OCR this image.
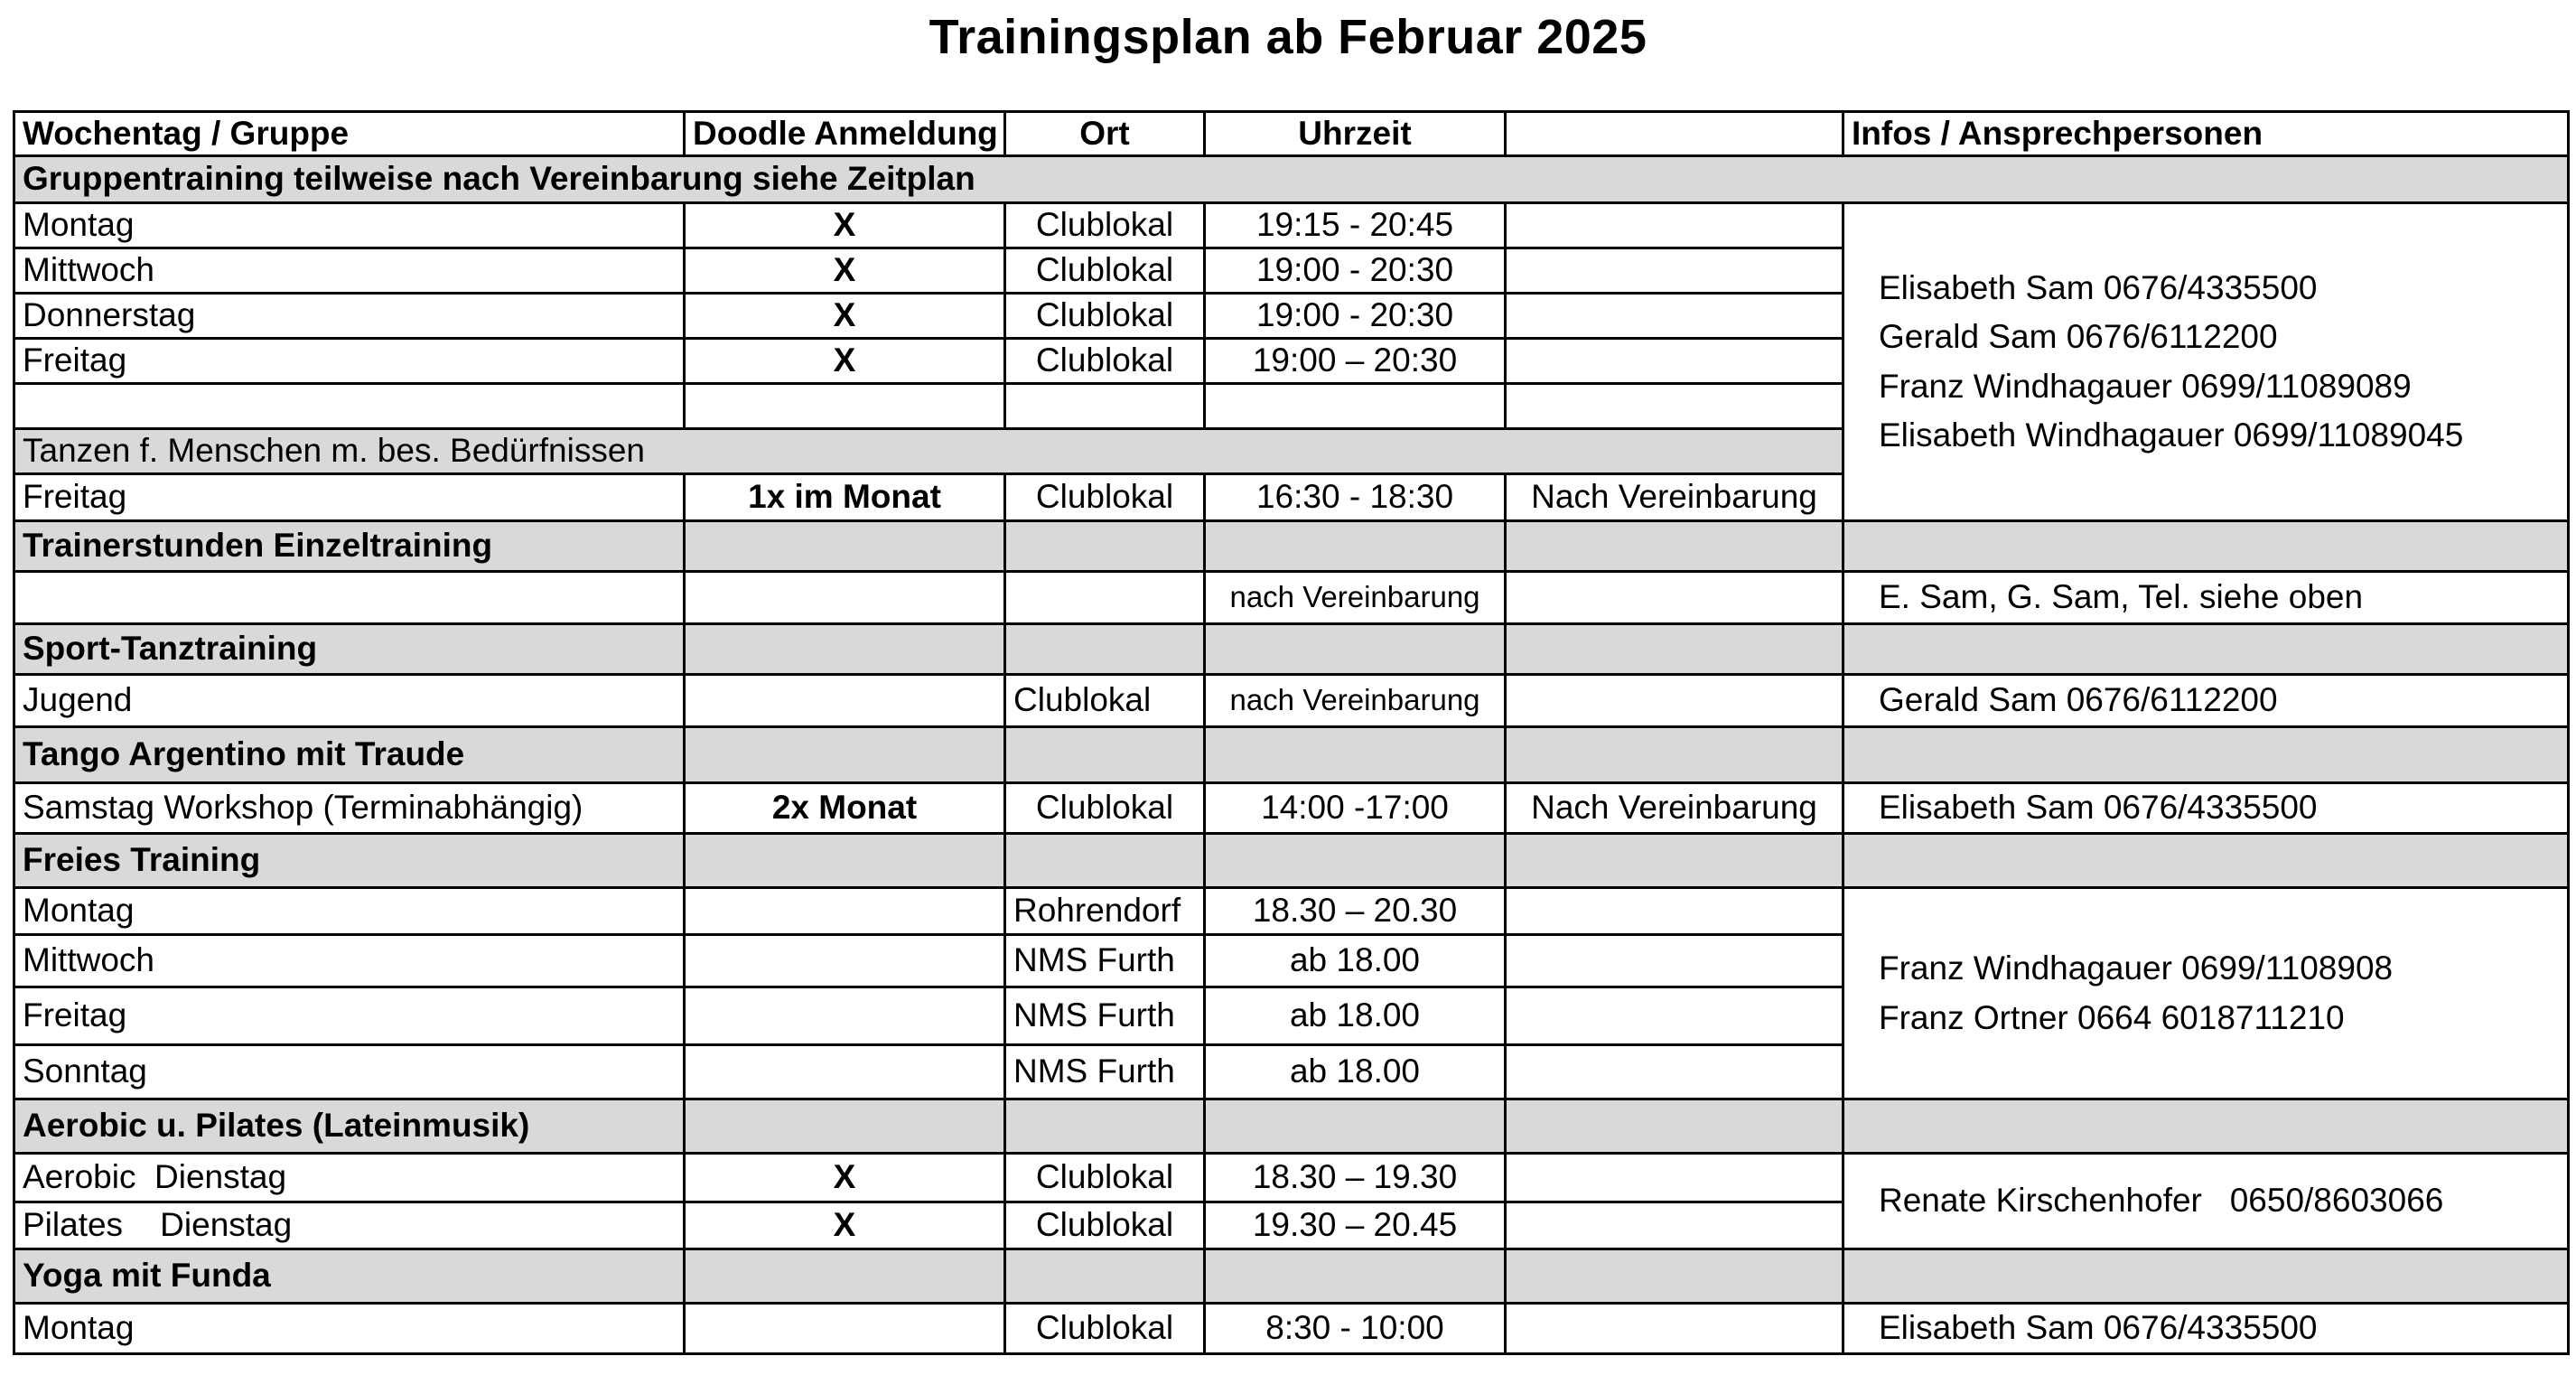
Trainingsplan ab Februar 2025
Wochentag / Gruppe	Doodle Anmeldung	Ort	Uhrzeit		Infos / Ansprechpersonen
Gruppentraining teilweise nach Vereinbarung siehe Zeitplan					
Montag	X	Clublokal	19:15 - 20:45		Elisabeth Sam 0676/4335500
Gerald Sam 0676/6112200
Franz Windhagauer 0699/11089089
Elisabeth Windhagauer 0699/11089045

Mittwoch	X	Clublokal	19:00 - 20:30		
Donnerstag	X	Clublokal	19:00 - 20:30		
Freitag	X	Clublokal	19:00 – 20:30		

Tanzen f. Menschen m. bes. Bedürfnissen					
Freitag	1x im Monat	Clublokal	16:30 - 18:30	Nach Vereinbarung	
Trainerstunden Einzeltraining					
			nach Vereinbarung		E. Sam, G. Sam, Tel. siehe oben
Sport-Tanztraining					
Jugend		Clublokal	nach Vereinbarung		Gerald Sam 0676/6112200
Tango Argentino mit Traude					
Samstag Workshop (Terminabhängig)	2x Monat	Clublokal	14:00 -17:00	Nach Vereinbarung	Elisabeth Sam 0676/4335500
Freies Training					
Montag		Rohrendorf	18.30 – 20.30		Franz Windhagauer 0699/1108908
Franz Ortner 0664 6018711210

Mittwoch		NMS Furth	ab 18.00		
Freitag		NMS Furth	ab 18.00		
Sonntag		NMS Furth	ab 18.00		
Aerobic u. Pilates (Lateinmusik)					
Aerobic  Dienstag	X	Clublokal	18.30 – 19.30		Renate Kirschenhofer   0650/8603066
Pilates    Dienstag	X	Clublokal	19.30 – 20.45		
Yoga mit Funda					
Montag		Clublokal	8:30 - 10:00		Elisabeth Sam 0676/4335500
